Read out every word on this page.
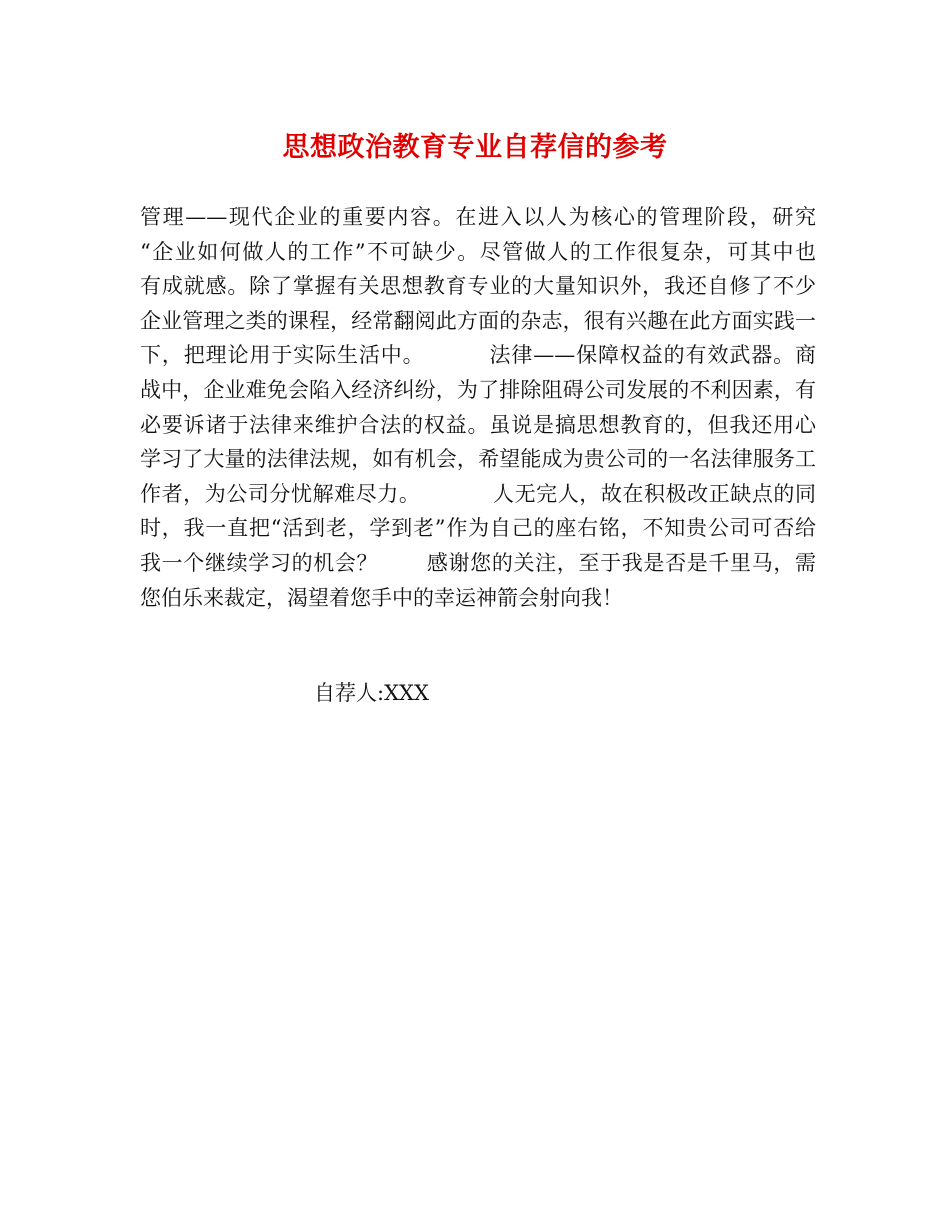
思想政治教育专业自荐信的参考
管理——现代企业的重要内容。在进入以人为核心的管理阶段，研究
“企业如何做人的工作”不可缺少。尽管做人的工作很复杂，可其中也
有成就感。除了掌握有关思想教育专业的大量知识外，我还自修了不少
企业管理之类的课程，经常翻阅此方面的杂志，很有兴趣在此方面实践一
下，把理论用于实际生活中。	法律——保障权益的有效武器。商
战中，企业难免会陷入经济纠纷，为了排除阻碍公司发展的不利因素，有
必要诉诸于法律来维护合法的权益。虽说是搞思想教育的，但我还用心
学习了大量的法律法规，如有机会，希望能成为贵公司的一名法律服务工
作者，为公司分忧解难尽力。	人无完人，故在积极改正缺点的同
时，我一直把“活到老，学到老”作为自己的座右铭，不知贵公司可否给
我一个继续学习的机会？ 感谢您的关注，至于我是否是千里马，需
您伯乐来裁定，渴望着您手中的幸运神箭会射向我！
自荐人:XXX
